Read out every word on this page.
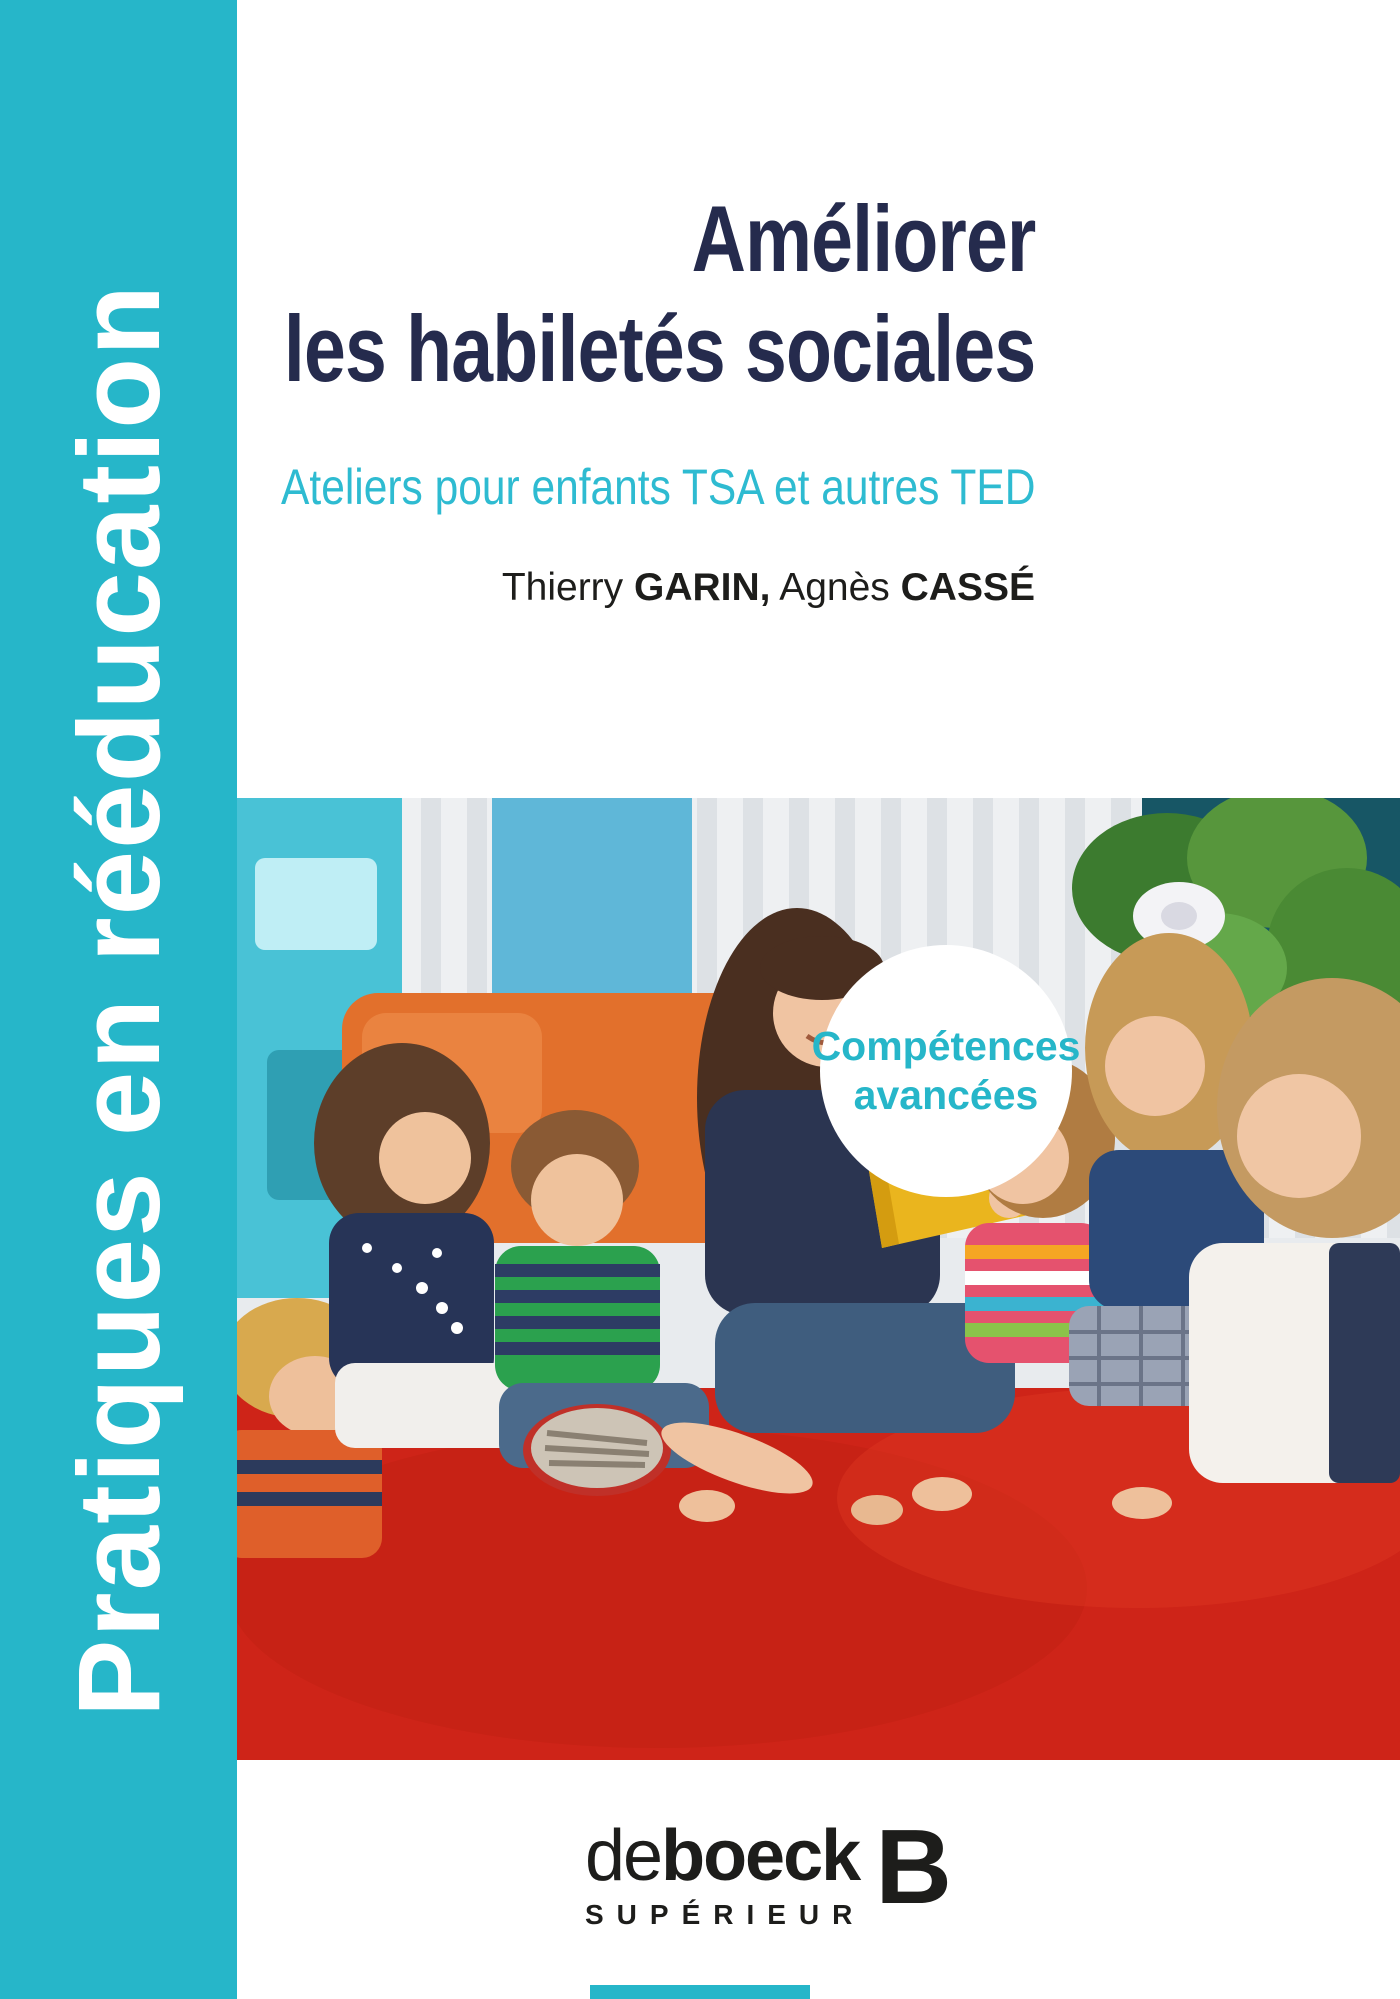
Pratiques en rééducation
Améliorer
les habiletés sociales
Ateliers pour enfants TSA et autres TED
Thierry GARIN, Agnès CASSÉ
Compétences
avancées
deboeck
SUPÉRIEUR B
